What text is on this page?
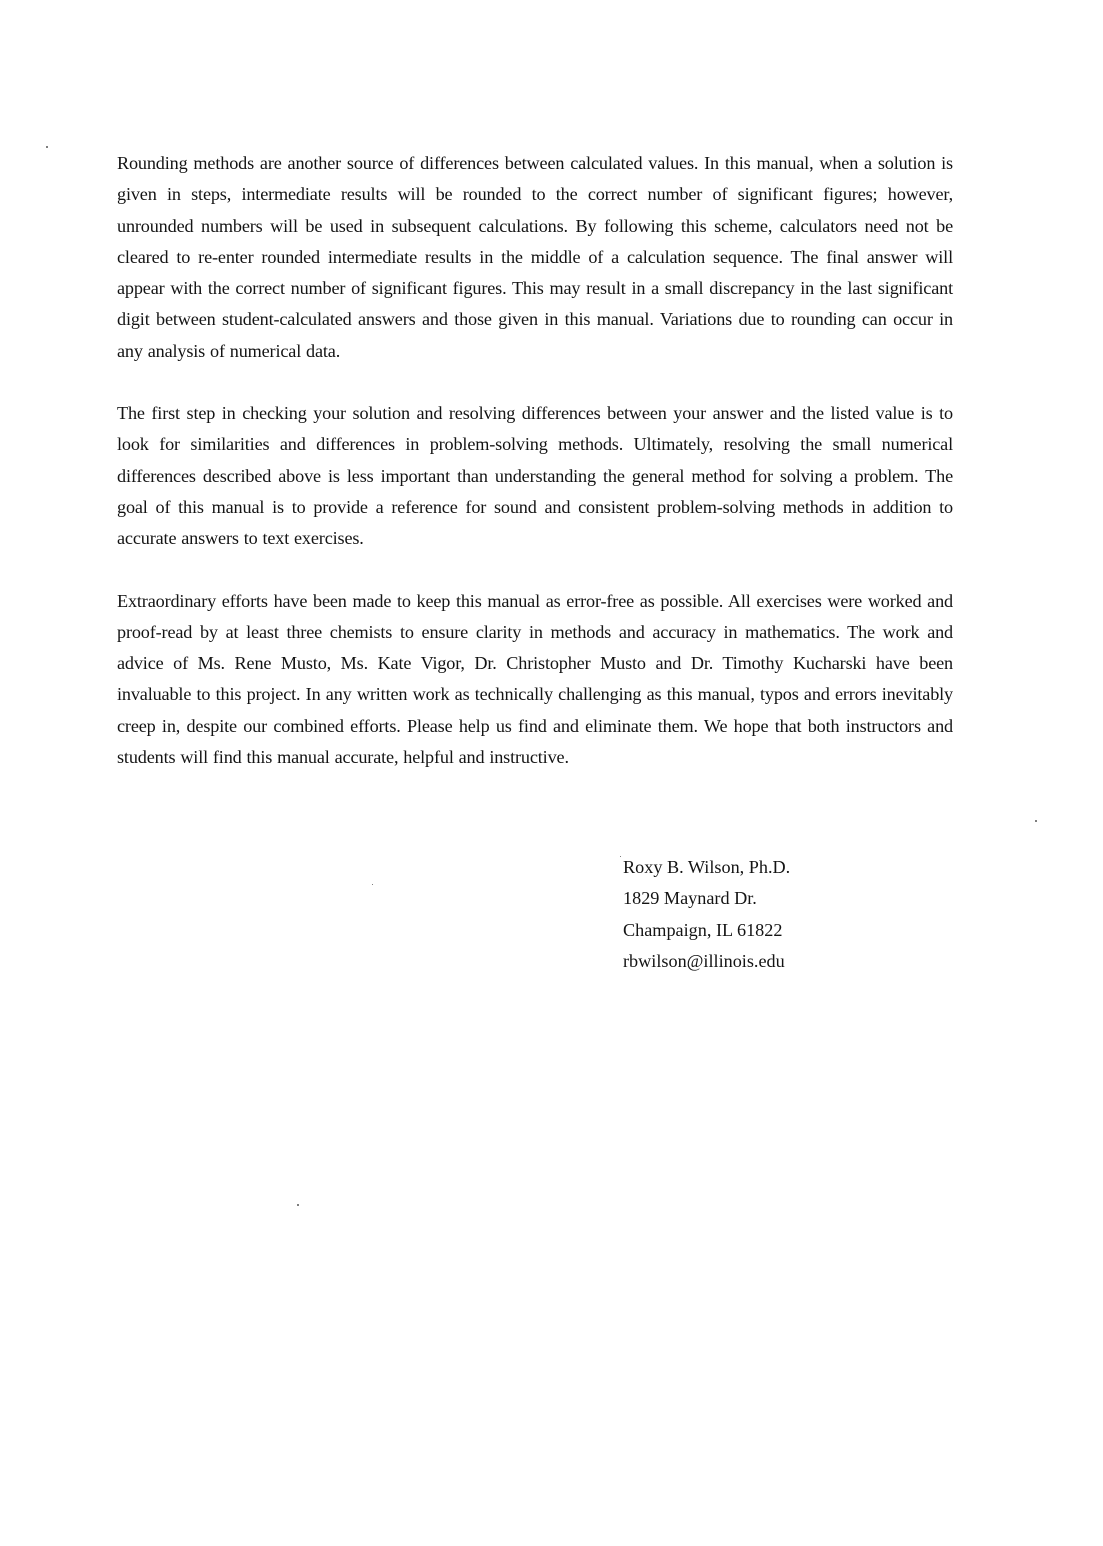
Rounding methods are another source of differences between calculated values. In this manual, when a solution is given in steps, intermediate results will be rounded to the correct number of significant figures; however, unrounded numbers will be used in subsequent calculations. By following this scheme, calculators need not be cleared to re-enter rounded intermediate results in the middle of a calculation sequence. The final answer will appear with the correct number of significant figures. This may result in a small discrepancy in the last significant digit between student-calculated answers and those given in this manual. Variations due to rounding can occur in any analysis of numerical data.

The first step in checking your solution and resolving differences between your answer and the listed value is to look for similarities and differences in problem-solving methods. Ultimately, resolving the small numerical differences described above is less important than understanding the general method for solving a problem. The goal of this manual is to provide a reference for sound and consistent problem-solving methods in addition to accurate answers to text exercises.

Extraordinary efforts have been made to keep this manual as error-free as possible. All exercises were worked and proof-read by at least three chemists to ensure clarity in methods and accuracy in mathematics. The work and advice of Ms. Rene Musto, Ms. Kate Vigor, Dr. Christopher Musto and Dr. Timothy Kucharski have been invaluable to this project. In any written work as technically challenging as this manual, typos and errors inevitably creep in, despite our combined efforts. Please help us find and eliminate them. We hope that both instructors and students will find this manual accurate, helpful and instructive.

Roxy B. Wilson, Ph.D.
1829 Maynard Dr.
Champaign, IL 61822
rbwilson@illinois.edu
